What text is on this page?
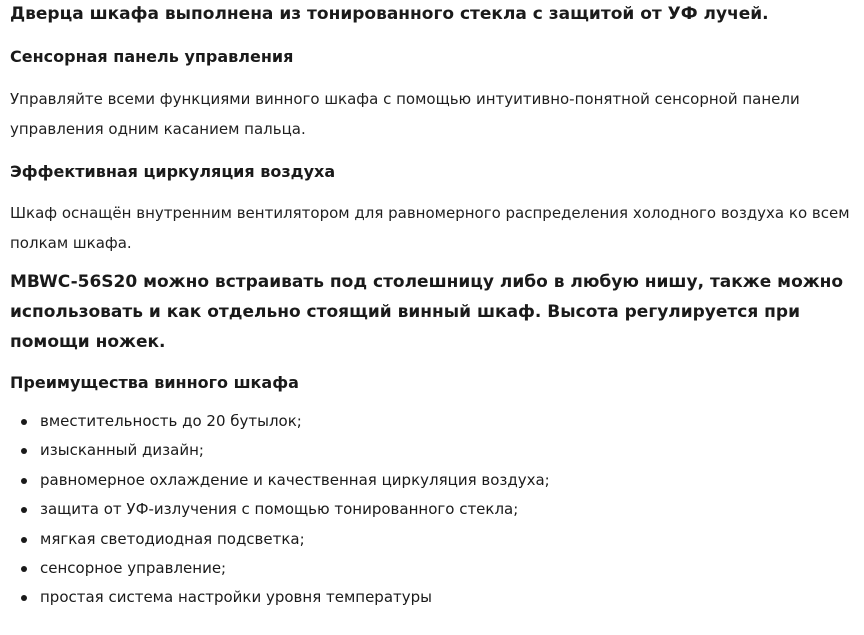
Дверца шкафа выполнена из тонированного стекла с защитой от УФ лучей.

Сенсорная панель управления

Управляйте всеми функциями винного шкафа с помощью интуитивно-понятной сенсорной панели управления одним касанием пальца.

Эффективная циркуляция воздуха

Шкаф оснащён внутренним вентилятором для равномерного распределения холодного воздуха ко всем полкам шкафа.

MBWC-56S20 можно встраивать под столешницу либо в любую нишу, также можно использовать и как отдельно стоящий винный шкаф. Высота регулируется при помощи ножек.

Преимущества винного шкафа

вместительность до 20 бутылок;
изысканный дизайн;
равномерное охлаждение и качественная циркуляция воздуха;
защита от УФ-излучения с помощью тонированного стекла;
мягкая светодиодная подсветка;
сенсорное управление;
простая система настройки уровня температуры
